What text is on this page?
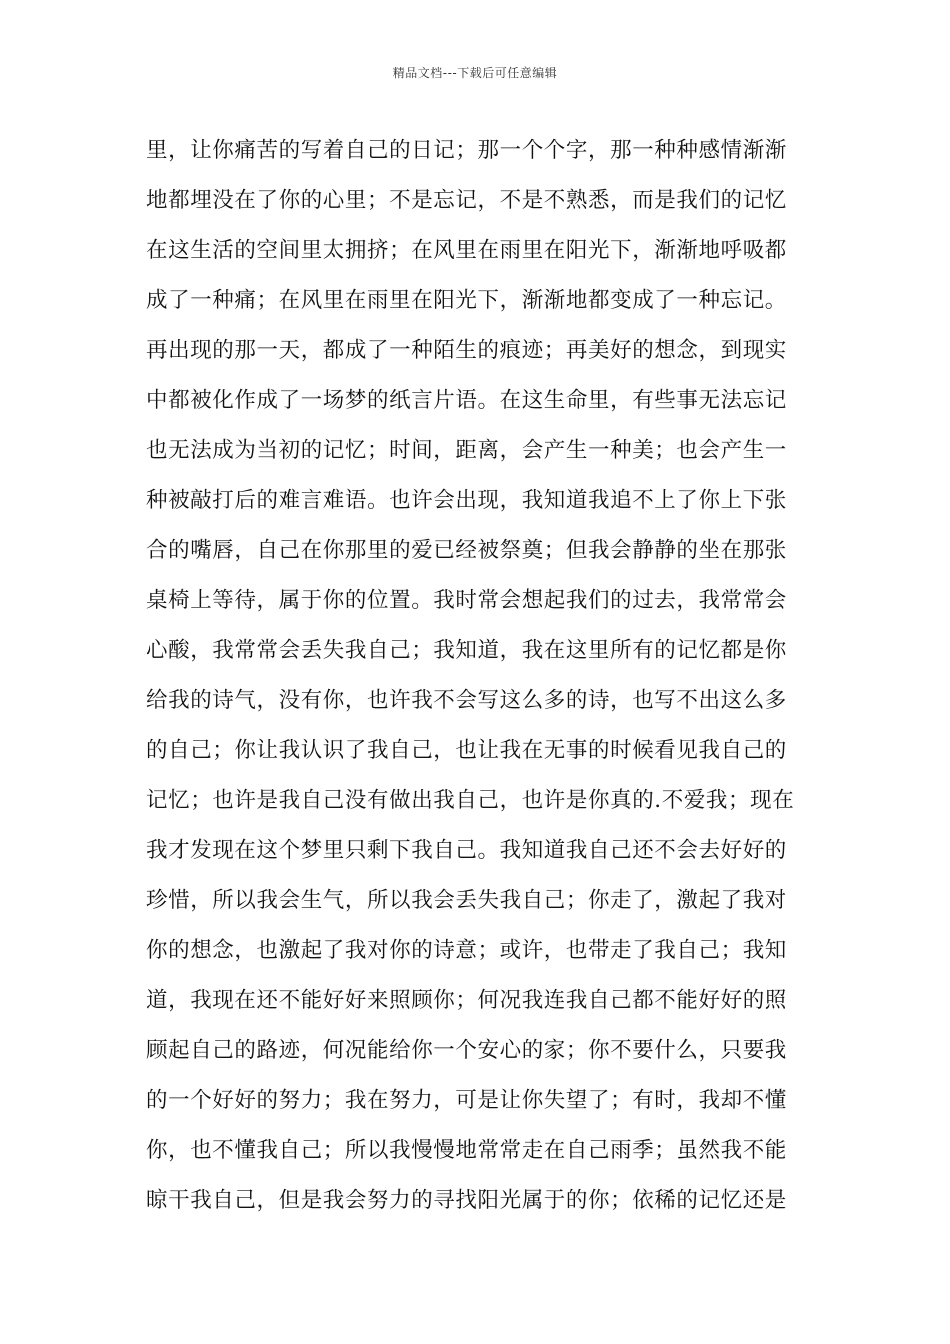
精品文档---下载后可任意编辑
里，让你痛苦的写着自己的日记；那一个个字，那一种种感情渐渐
地都埋没在了你的心里；不是忘记，不是不熟悉，而是我们的记忆
在这生活的空间里太拥挤；在风里在雨里在阳光下，渐渐地呼吸都
成了一种痛；在风里在雨里在阳光下，渐渐地都变成了一种忘记。
再出现的那一天，都成了一种陌生的痕迹；再美好的想念，到现实
中都被化作成了一场梦的纸言片语。在这生命里，有些事无法忘记
也无法成为当初的记忆；时间，距离，会产生一种美；也会产生一
种被敲打后的难言难语。也许会出现，我知道我追不上了你上下张
合的嘴唇，自己在你那里的爱已经被祭奠；但我会静静的坐在那张
桌椅上等待，属于你的位置。我时常会想起我们的过去，我常常会
心酸，我常常会丢失我自己；我知道，我在这里所有的记忆都是你
给我的诗气，没有你，也许我不会写这么多的诗，也写不出这么多
的自己；你让我认识了我自己，也让我在无事的时候看见我自己的
记忆；也许是我自己没有做出我自己，也许是你真的.不爱我；现在
我才发现在这个梦里只剩下我自己。我知道我自己还不会去好好的
珍惜，所以我会生气，所以我会丢失我自己；你走了，激起了我对
你的想念，也激起了我对你的诗意；或许，也带走了我自己；我知
道，我现在还不能好好来照顾你；何况我连我自己都不能好好的照
顾起自己的路迹，何况能给你一个安心的家；你不要什么，只要我
的一个好好的努力；我在努力，可是让你失望了；有时，我却不懂
你，也不懂我自己；所以我慢慢地常常走在自己雨季；虽然我不能
晾干我自己，但是我会努力的寻找阳光属于的你；依稀的记忆还是
